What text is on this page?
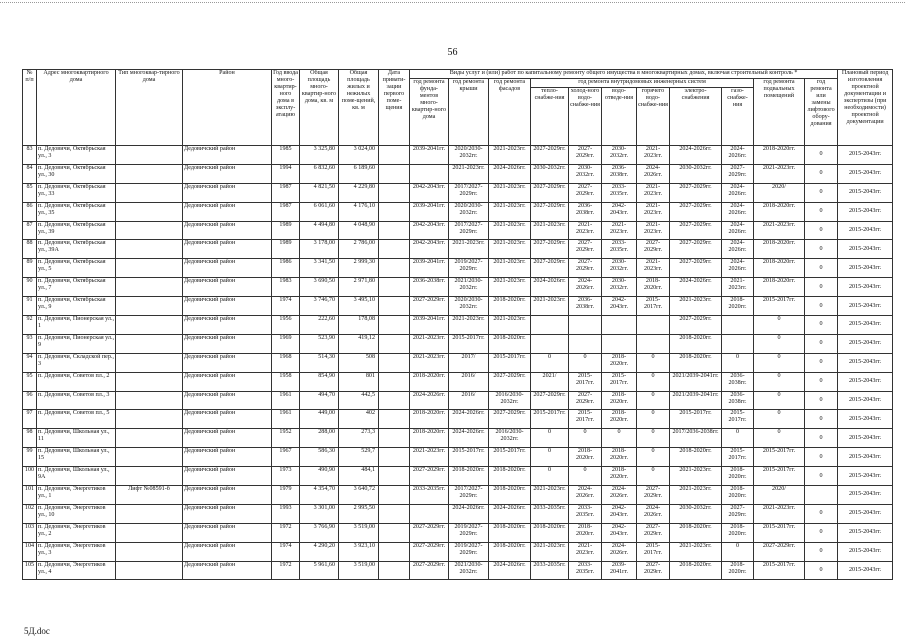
56
№ п/п	Адрес многоквартирного дома	Тип многоквар-тирного дома	Район	Год ввода много-квартир-ного дома в эксплу-атацию	Общая площадь много-квартир-ного дома, кв. м	Общая площадь жилых и нежилых поме-щений, кв. м	Дата привати-зации первого поме-щения	Виды услуг и (или) работ по капитальному ремонту общего имущества в многоквартирных домах, включая строительный контроль *											Плановый период изготовления проектной документации и экспертизы (при необходимости) проектной документации
								год ремонта фунда-ментов много-квартир-ного дома	год ремонта крыши	год ремонта фасадов	год ремонта внутридомовых инженерных систем						год ремонта подвальных помещений	год ремонта или замены лифтового обору-дования	
											тепло-снабже-ния	холод-ного водо-снабже-ния	водо-отведе-ния	горячего водо-снабже-ния	электро-снабжения	газо-снабже-ния			
83	п. Дедовичи, Октябрьская ул., 3		Дедовичский район	1985	3 325,80	3 024,00		2039-2041гг.	2020/2030-2032гг.	2021-2023гг.	2027-2029гг.	2027-2029гг.	2030-2032гг.	2021-2023гг.	2024-2026гг.	2024-2026гг.	2018-2020гг.	0	2015-2043гг.
84	п. Дедовичи, Октябрьская ул., 30		Дедовичский район	1994	6 832,60	6 189,60			2021-2023гг.	2024-2026гг.	2030-2032гг.	2030-2032гг.	2036-2038гг.	2024-2026гг.	2030-2032гг.	2027-2029гг.	2021-2023гг.	0	2015-2043гг.
85	п. Дедовичи, Октябрьская ул., 33		Дедовичский район	1987	4 821,50	4 229,80		2042-2043гг.	2017/2027-2029гг.	2021-2023гг.	2027-2029гг.	2027-2029гг.	2033-2035гг.	2021-2023гг.	2027-2029гг.	2024-2026гг.	2020/	0	2015-2043гг.
86	п. Дедовичи, Октябрьская ул., 35		Дедовичский район	1987	6 061,60	4 176,10		2039-2041гг.	2020/2030-2032гг.	2021-2023гг.	2027-2029гг.	2036-2038гг.	2042-2043гг.	2021-2023гг.	2027-2029гг.	2024-2026гг.	2018-2020гг.	0	2015-2043гг.
87	п. Дедовичи, Октябрьская ул., 39		Дедовичский район	1989	4 494,80	4 048,90		2042-2043гг.	2017/2027-2029гг.	2021-2023гг.	2021-2023гг.	2021-2023гг.	2021-2023гг.	2021-2023гг.	2027-2029гг.	2024-2026гг.	2021-2023гг.	0	2015-2043гг.
88	п. Дедовичи, Октябрьская ул., 39А		Дедовичский район	1989	3 178,00	2 786,00		2042-2043гг.	2021-2023гг.	2021-2023гг.	2027-2029гг.	2027-2029гг.	2033-2035гг.	2027-2029гг.	2027-2029гг.	2024-2026гг.	2018-2020гг.	0	2015-2043гг.
89	п. Дедовичи, Октябрьская ул., 5		Дедовичский район	1986	3 341,50	2 999,30		2039-2041гг.	2019/2027-2029гг.	2021-2023гг.	2027-2029гг.	2027-2029гг.	2030-2032гг.	2021-2023гг.	2027-2029гг.	2024-2026гг.	2018-2020гг.	0	2015-2043гг.
90	п. Дедовичи, Октябрьская ул., 7		Дедовичский район	1983	3 690,50	2 971,80		2036-2038гг.	2021/2030-2032гг.	2021-2023гг.	2024-2026гг.	2024-2026гг.	2030-2032гг.	2018-2020гг.	2024-2026гг.	2021-2023гг.	2018-2020гг.	0	2015-2043гг.
91	п. Дедовичи, Октябрьская ул., 9		Дедовичский район	1974	3 746,70	3 495,10		2027-2029гг.	2020/2030-2032гг.	2018-2020гг.	2021-2023гг.	2036-2038гг.	2042-2043гг.	2015-2017гг.	2021-2023гг.	2018-2020гг.	2015-2017гг.	0	2015-2043гг.
92	п. Дедовичи, Пионерская ул., 1		Дедовичский район	1956	222,60	178,08		2039-2041гг.	2021-2023гг.	2021-2023гг.					2027-2029гг.		0	0	2015-2043гг.
93	п. Дедовичи, Пионерская ул., 9		Дедовичский район	1969	523,90	419,12		2021-2023гг.	2015-2017гг.	2018-2020гг.					2018-2020гг.		0	0	2015-2043гг.
94	п. Дедовичи, Складской пер., 3		Дедовичский район	1968	514,30	508		2021-2023гг.	2017/	2015-2017гг.	0	0	2018-2020гг.	0	2018-2020гг.	0	0	0	2015-2043гг.
95	п. Дедовичи, Советов пл., 2		Дедовичский район	1958	854,90	801		2018-2020гг.	2016/	2027-2029гг.	2021/	2015-2017гг.	2015-2017гг.	0	2021/2039-2041гг.	2036-2038гг.	0	0	2015-2043гг.
96	п. Дедовичи, Советов пл., 3		Дедовичский район	1961	494,70	442,5		2024-2026гг.	2016/	2016/2030-2032гг.	2027-2029гг.	2027-2029гг.	2018-2020гг.	0	2021/2039-2041гг.	2036-2038гг.	0	0	2015-2043гг.
97	п. Дедовичи, Советов пл., 5		Дедовичский район	1961	449,00	402		2018-2020гг.	2024-2026гг.	2027-2029гг.	2015-2017гг.	2015-2017гг.	2018-2020гг.	0	2015-2017гг.	2015-2017гг.	0	0	2015-2043гг.
98	п. Дедовичи, Школьная ул., 11		Дедовичский район	1952	288,00	273,3		2018-2020гг.	2024-2026гг.	2016/2030-2032гг.	0	0	0	0	2017/2036-2038гг.	0	0	0	2015-2043гг.
99	п. Дедовичи, Школьная ул., 15		Дедовичский район	1967	586,30	529,7		2021-2023гг.	2015-2017гг.	2015-2017гг.	0	2018-2020гг.	2018-2020гг.	0	2018-2020гг.	2015-2017гг.	2015-2017гг.	0	2015-2043гг.
100	п. Дедовичи, Школьная ул., 9А		Дедовичский район	1973	490,90	484,1		2027-2029гг.	2018-2020гг.	2018-2020гг.	0	0	2018-2020гг.	0	2021-2023гг.	2018-2020гг.	2015-2017гг.	0	2015-2043гг.
101	п. Дедовичи, Энергетиков ул., 1	Лифт №08591-б	Дедовичский район	1979	4 354,70	3 640,72		2033-2035гг.	2017/2027-2029гг.	2018-2020гг.	2021-2023гг.	2024-2026гг.	2024-2026гг.	2027-2029гг.	2021-2023гг.	2018-2020гг.	2020/		2015-2043гг.
102	п. Дедовичи, Энергетиков ул., 10		Дедовичский район	1993	3 301,00	2 995,50			2024-2026гг.	2024-2026гг.	2033-2035гг.	2033-2035гг.	2042-2043гг.	2024-2026гг.	2030-2032гг.	2027-2029гг.	2021-2023гг.	0	2015-2043гг.
103	п. Дедовичи, Энергетиков ул., 2		Дедовичский район	1972	3 766,90	3 519,00		2027-2029гг.	2019/2027-2029гг.	2018-2020гг.	2018-2020гг.	2018-2020гг.	2042-2043гг.	2027-2029гг.	2018-2020гг.	2018-2020гг.	2015-2017гг.	0	2015-2043гг.
104	п. Дедовичи, Энергетиков ул., 3		Дедовичский район	1974	4 290,20	3 923,10		2027-2029гг.	2019/2027-2029гг.	2018-2020гг.	2021-2023гг.	2021-2023гг.	2024-2026гг.	2015-2017гг.	2021-2023гг.	0	2027-2029гг.	0	2015-2043гг.
105	п. Дедовичи, Энергетиков ул., 4		Дедовичский район	1972	5 961,60	3 519,00		2027-2029гг.	2021/2030-2032гг.	2024-2026гг.	2033-2035гг.	2033-2035гг.	2039-2041гг.	2027-2029гг.	2018-2020гг.	2018-2020гг.	2015-2017гг.	0	2015-2043гг.
5Д.doc
